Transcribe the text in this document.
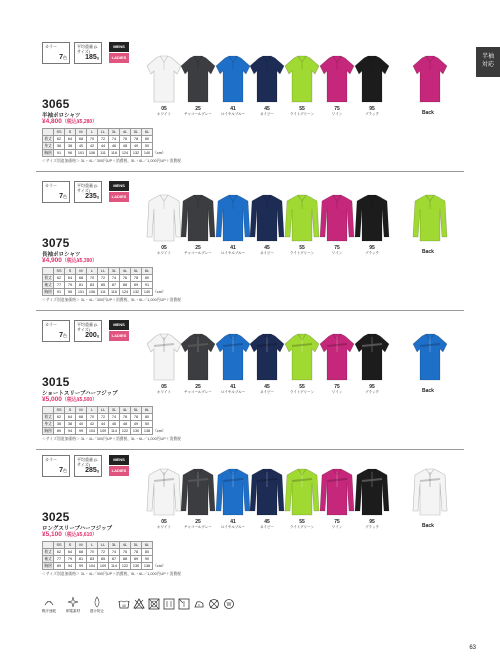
半袖
対応
カラー
7色
平均重量 (Lサイズ)
185g
MENS
LADIES
3065
半袖ポロシャツ
¥4,800（税込¥5,280）
	SS	S	M	L	LL	3L	4L	5L	6L	
着丈	62	64	68	70	72	74	76	78	80	
身丈	36	38	40	42	44	46	48	49	50	
胸囲	91	96	101	106	111	116	124	132	140	（cm）
＜サイズ別追加価格＞ 3L・4L／300円UP＋消費税、5L・6L／1,000円UP＋消費税
05
ホワイト
25
チャコールグレー
41
ロイヤルブルー
45
ネイビー
55
ライトグリーン
75
ワイン
95
ブラック	Back
カラー
7色
平均重量 (Lサイズ)
235g
MENS
LADIES
3075
長袖ポロシャツ
¥4,900（税込¥5,390）
	SS	S	M	L	LL	3L	4L	5L	6L	
着丈	62	64	68	70	72	74	76	78	80	
袖丈	77	79	81	83	85	87	88	89	91	
胸囲	91	96	101	106	111	116	124	132	140	（cm）
＜サイズ別追加価格＞ 3L・4L／300円UP＋消費税、5L・6L／1,000円UP＋消費税
05
ホワイト
25
チャコールグレー
41
ロイヤルブルー
45
ネイビー
55
ライトグリーン
75
ワイン
95
ブラック	Back
カラー
7色
平均重量 (Lサイズ)
200g
MENS
LADIES
3015
ショートスリーブハーフジップ
¥5,000（税込¥5,500）
	SS	S	M	L	LL	3L	4L	5L	6L	
着丈	62	64	68	70	72	74	76	78	80	
身丈	36	38	40	42	44	46	48	49	50	
胸囲	89	94	99	104	109	114	122	130	138	（cm）
＜サイズ別追加価格＞ 3L・4L／300円UP＋消費税、5L・6L／1,000円UP＋消費税
05
ホワイト
25
チャコールグレー
41
ロイヤルブルー
45
ネイビー
55
ライトグリーン
75
ワイン
95
ブラック	Back
カラー
7色
平均重量 (Lサイズ)
285g
MENS
LADIES
3025
ロングスリーブハーフジップ
¥5,100（税込¥5,610）
	SS	S	M	L	LL	3L	4L	5L	6L	
着丈	62	64	68	70	72	74	76	78	80	
袖丈	77	79	81	83	85	87	88	89	90	
胸囲	89	94	99	104	109	114	122	130	138	（cm）
＜サイズ別追加価格＞ 3L・4L／300円UP＋消費税、5L・6L／1,000円UP＋消費税
05
ホワイト
25
チャコールグレー
41
ロイヤルブルー
45
ネイビー
55
ライトグリーン
75
ワイン
95
ブラック	Back
吸汗速乾	制電素材	透け防止
40	W
63
